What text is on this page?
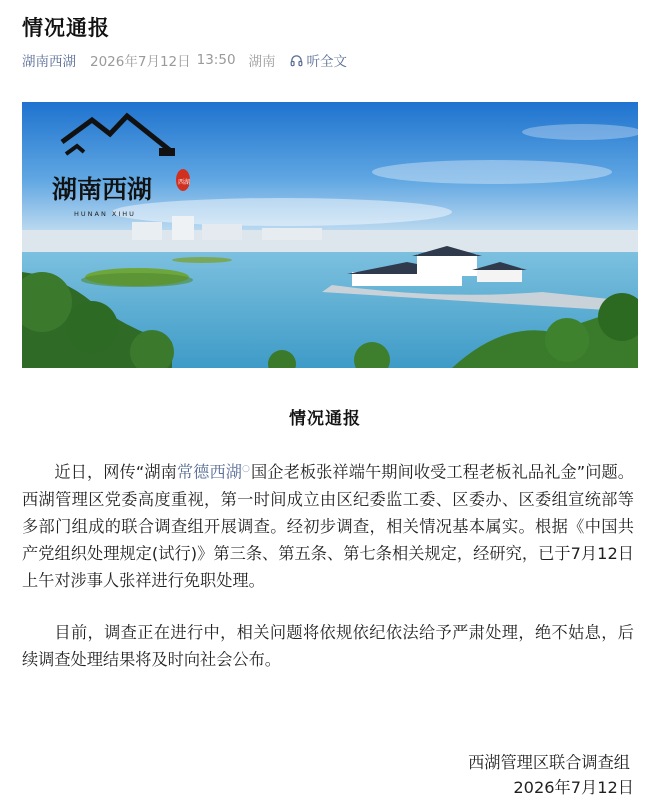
情况通报
湖南西湖 2026年7月12日 13:50 湖南 听全文
湖南西湖
HUNAN XIHU
西湖
情况通报

近日，网传“湖南常德西湖○国企老板张祥端午期间收受工程老板礼品礼金”问题。西湖管理区党委高度重视，第一时间成立由区纪委监工委、区委办、区委组宣统部等多部门组成的联合调查组开展调查。经初步调查，相关情况基本属实。根据《中国共产党组织处理规定(试行)》第三条、第五条、第七条相关规定，经研究，已于7月12日上午对涉事人张祥进行免职处理。

目前，调查正在进行中，相关问题将依规依纪依法给予严肃处理，绝不姑息，后续调查处理结果将及时向社会公布。

西湖管理区联合调查组
2026年7月12日
